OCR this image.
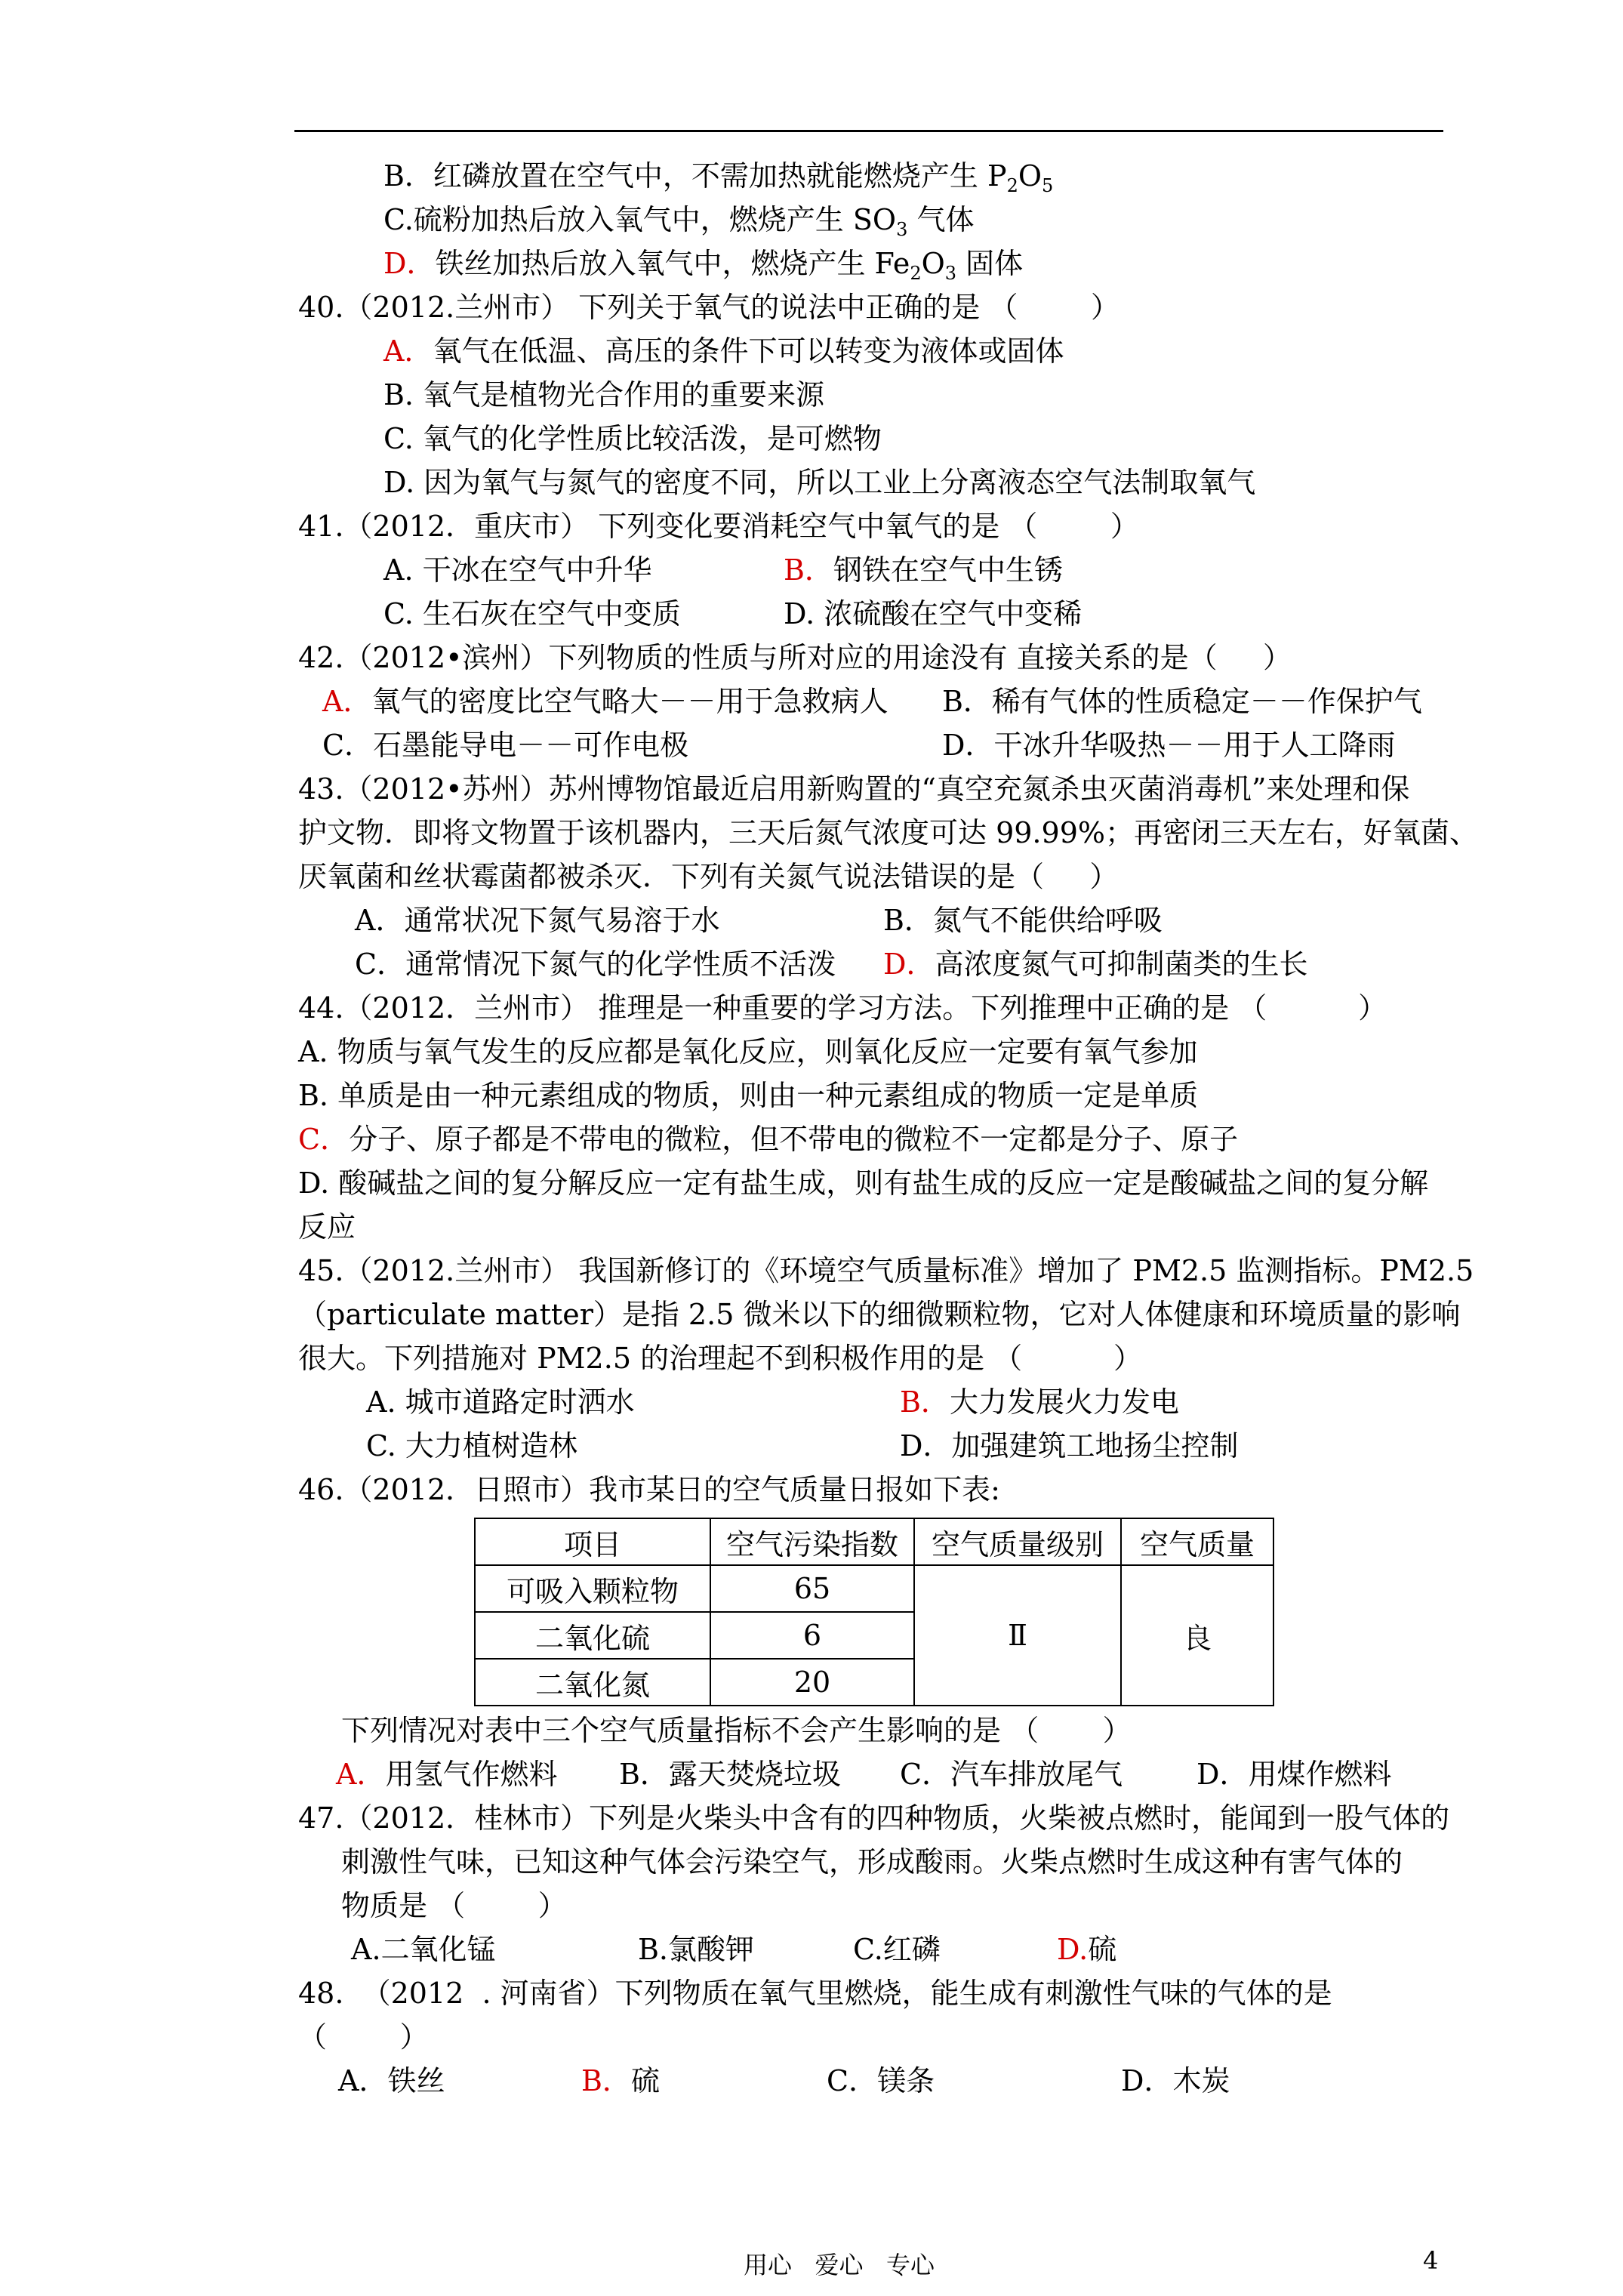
B．红磷放置在空气中，不需加热就能燃烧产生 $P_2O_5$
C.硫粉加热后放入氧气中，燃烧产生 $SO_3$ 气体
D．铁丝加热后放入氧气中，燃烧产生 $Fe_2O_3$ 固体
40.（2012.兰州市） 下列关于氧气的说法中正确的是 （        ）
A．氧气在低温、高压的条件下可以转变为液体或固体
B. 氧气是植物光合作用的重要来源
C. 氧气的化学性质比较活泼，是可燃物
D. 因为氧气与氮气的密度不同，所以工业上分离液态空气法制取氧气
41.（2012．重庆市） 下列变化要消耗空气中氧气的是 （        ）
A. 干冰在空气中升华	B．钢铁在空气中生锈
C. 生石灰在空气中变质	D. 浓硫酸在空气中变稀
42.（2012•滨州）下列物质的性质与所对应的用途没有 直接关系的是（     ）
A．氧气的密度比空气略大－－用于急救病人 B．稀有气体的性质稳定－－作保护气
C．石墨能导电－－可作电极	D．干冰升华吸热－－用于人工降雨
43.（2012•苏州）苏州博物馆最近启用新购置的“真空充氮杀虫灭菌消毒机”来处理和保
护文物．即将文物置于该机器内，三天后氮气浓度可达 99.99%；再密闭三天左右，好氧菌、
厌氧菌和丝状霉菌都被杀灭．下列有关氮气说法错误的是（     ）
A．通常状况下氮气易溶于水	B．氮气不能供给呼吸
C．通常情况下氮气的化学性质不活泼 D．高浓度氮气可抑制菌类的生长
44.（2012．兰州市） 推理是一种重要的学习方法。下列推理中正确的是 （          ）
A. 物质与氧气发生的反应都是氧化反应，则氧化反应一定要有氧气参加
B. 单质是由一种元素组成的物质，则由一种元素组成的物质一定是单质
C．分子、原子都是不带电的微粒，但不带电的微粒不一定都是分子、原子
D. 酸碱盐之间的复分解反应一定有盐生成，则有盐生成的反应一定是酸碱盐之间的复分解
反应
45.（2012.兰州市） 我国新修订的《环境空气质量标准》增加了 PM2.5 监测指标。PM2.5
（particulate matter）是指 2.5 微米以下的细微颗粒物，它对人体健康和环境质量的影响
很大。下列措施对 PM2.5 的治理起不到积极作用的是 （          ）
A. 城市道路定时洒水	B．大力发展火力发电
C. 大力植树造林	D．加强建筑工地扬尘控制
46.（2012．日照市）我市某日的空气质量日报如下表:
项目	空气污染指数	空气质量级别	空气质量
可吸入颗粒物	65	Ⅱ	良
二氧化硫	6		
二氧化氮	20		
下列情况对表中三个空气质量指标不会产生影响的是 （       ）
A．用氢气作燃料 B．露天焚烧垃圾 C．汽车排放尾气	D．用煤作燃料
47.（2012．桂林市）下列是火柴头中含有的四种物质，火柴被点燃时，能闻到一股气体的
刺激性气味，已知这种气体会污染空气，形成酸雨。火柴点燃时生成这种有害气体的
物质是 （        ）
A.二氧化锰	B.氯酸钾	C.红磷	D.硫
48.  （2012  . 河南省）下列物质在氧气里燃烧，能生成有刺激性气味的气体的是
（        ）
A．铁丝	B．硫	C．镁条	D．木炭
用心   爱心   专心	4
